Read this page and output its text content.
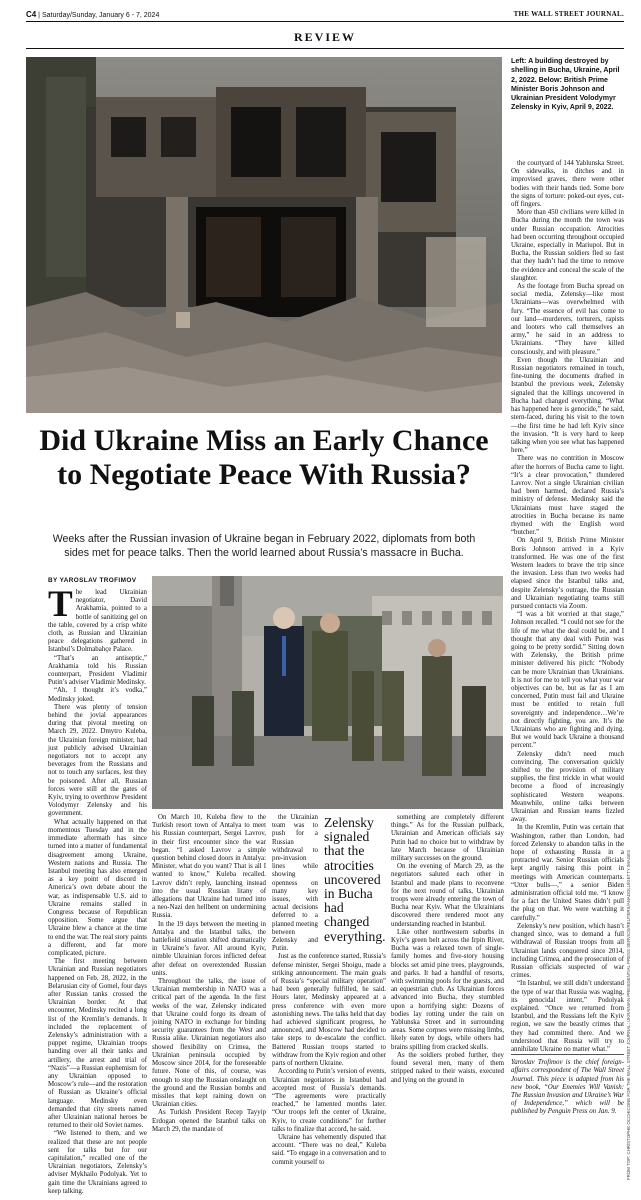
C4 | Saturday/Sunday, January 6 - 7, 2024	THE WALL STREET JOURNAL.
REVIEW
Left: A building destroyed by shelling in Bucha, Ukraine, April 2, 2022. Below: British Prime Minister Boris Johnson and Ukrainian President Volodymyr Zelensky in Kyiv, April 9, 2022.
Did Ukraine Miss an Early Chance to Negotiate Peace With Russia?
Weeks after the Russian invasion of Ukraine began in February 2022, diplomats from both sides met for peace talks. Then the world learned about Russia’s massacre in Bucha.
BY YAROSLAV TROFIMOV

The lead Ukrainian negotiator, David Arakhamia, pointed to a bottle of sanitizing gel on the table, covered by a crisp white cloth, as Russian and Ukrainian peace delegations gathered in Istanbul’s Dolmabahçe Palace.

“That’s an antiseptic,” Arakhamia told his Russian counterpart, President Vladimir Putin’s adviser Vladimir Medinsky.

“Ah, I thought it’s vodka,” Medinsky joked.

There was plenty of tension behind the jovial appearances during that pivotal meeting on March 29, 2022. Dmytro Kuleba, the Ukrainian foreign minister, had just publicly advised Ukrainian negotiators not to accept any beverages from the Russians and not to touch any surfaces, lest they be poisoned. After all, Russian forces were still at the gates of Kyiv, trying to overthrow President Volodymyr Zelensky and his government.

What actually happened on that momentous Tuesday and in the immediate aftermath has since turned into a matter of fundamental disagreement among Ukraine, Western nations and Russia. The Istanbul meeting has also emerged as a key point of discord in America’s own debate about the war, as indispensable U.S. aid to Ukraine remains stalled in Congress because of Republican opposition. Some argue that Ukraine blew a chance at the time to end the war. The real story paints a different, and far more complicated, picture.

The first meeting between Ukrainian and Russian negotiators happened on Feb. 28, 2022, in the Belarusian city of Gomel, four days after Russian tanks crossed the Ukrainian border. At that encounter, Medinsky recited a long list of the Kremlin’s demands. It included the replacement of Zelensky’s administration with a puppet regime, Ukrainian troops handing over all their tanks and artillery, the arrest and trial of “Nazis”—a Russian euphemism for any Ukrainian opposed to Moscow’s rule—and the restoration of Russian as Ukraine’s official language. Medinsky even demanded that city streets named after Ukrainian national heroes be returned to their old Soviet names.

“We listened to them, and we realized that these are not people sent for talks but for our capitulation,” recalled one of the Ukrainian negotiators, Zelensky’s adviser Mykhailo Podolyak. Yet to gain time the Ukrainians agreed to keep talking.

On March 10, Kuleba flew to the Turkish resort town of Antalya to meet his Russian counterpart, Sergei Lavrov, in their first encounter since the war began. “I asked Lavrov a simple question behind closed doors in Antalya: Minister, what do you want? That is all I wanted to know,” Kuleba recalled. Lavrov didn’t reply, launching instead into the usual Russian litany of allegations that Ukraine had turned into a neo-Nazi den hellbent on undermining Russia.

In the 19 days between the meeting in Antalya and the Istanbul talks, the battlefield situation shifted dramatically in Ukraine’s favor. All around Kyiv, nimble Ukrainian forces inflicted defeat after defeat on overextended Russian units.

Throughout the talks, the issue of Ukrainian membership in NATO was a critical part of the agenda. In the first weeks of the war, Zelensky indicated that Ukraine could forgo its dream of joining NATO in exchange for binding security guarantees from the West and Russia alike. Ukrainian negotiators also showed flexibility on Crimea, the Ukrainian peninsula occupied by Moscow since 2014, for the foreseeable future. None of this, of course, was enough to stop the Russian onslaught on the ground and the Russian bombs and missiles that kept raining down on Ukrainian cities.

As Turkish President Recep Tayyip Erdogan opened the Istanbul talks on March 29, the mandate of

Zelensky signaled that the atrocities uncovered in Bucha had changed everything.

the Ukrainian team was to push for a Russian withdrawal to pre-invasion lines while showing openness on many key issues, with actual decisions deferred to a planned meeting between Zelensky and Putin.

Just as the conference started, Russia’s defense minister, Sergei Shoigu, made a striking announcement. The main goals of Russia’s “special military operation” had been generally fulfilled, he said. Hours later, Medinsky appeared at a press conference with even more astonishing news. The talks held that day had achieved significant progress, he announced, and Moscow had decided to take steps to de-escalate the conflict. Battered Russian troops started to withdraw from the Kyiv region and other parts of northern Ukraine.

According to Putin’s version of events, Ukrainian negotiators in Istanbul had accepted most of Russia’s demands. “The agreements were practically reached,” he lamented months later. “Our troops left the center of Ukraine, Kyiv, to create conditions” for further talks to finalize that accord, he said.

Ukraine has vehemently disputed that account. “There was no deal,” Kuleba said. “To engage in a conversation and to commit yourself to

something are completely different things.” As for the Russian pullback, Ukrainian and American officials say Putin had no choice but to withdraw by late March because of Ukrainian military successes on the ground.

On the evening of March 29, as the negotiators saluted each other in Istanbul and made plans to reconvene for the next round of talks, Ukrainian troops were already entering the town of Bucha near Kyiv. What the Ukrainians discovered there rendered moot any understanding reached in Istanbul.

Like other northwestern suburbs in Kyiv’s green belt across the Irpin River, Bucha was a relaxed town of single-family homes and five-story housing blocks set amid pine trees, playgrounds, and parks. It had a handful of resorts, with swimming pools for the guests, and an equestrian club. As Ukrainian forces advanced into Bucha, they stumbled upon a horrifying sight: Dozens of bodies lay rotting under the rain on Yablunska Street and in surrounding areas. Some corpses were missing limbs, likely eaten by dogs, while others had brains spilling from cracked skulls.

As the soldiers probed further, they found several men, many of them stripped naked to their waists, executed and lying on the ground in

the courtyard of 144 Yablunska Street. On sidewalks, in ditches and in improvised graves, there were other bodies with their hands tied. Some bore the signs of torture: poked-out eyes, cut-off fingers.

More than 450 civilians were killed in Bucha during the month the town was under Russian occupation. Atrocities had been occurring throughout occupied Ukraine, especially in Mariupol. But in Bucha, the Russian soldiers fled so fast that they hadn’t had the time to remove the evidence and conceal the scale of the slaughter.

As the footage from Bucha spread on social media, Zelensky—like most Ukrainians—was overwhelmed with fury. “The essence of evil has come to our land—murderers, torturers, rapists and looters who call themselves an army,” he said in an address to Ukrainians. “They have killed consciously, and with pleasure.”

Even though the Ukrainian and Russian negotiators remained in touch, fine-tuning the documents drafted in Istanbul the previous week, Zelensky signaled that the killings uncovered in Bucha had changed everything. “What has happened here is genocide,” he said, stern-faced, during his visit to the town—the first time he had left Kyiv since the invasion. “It is very hard to keep talking when you see what has happened here.”

There was no contrition in Moscow after the horrors of Bucha came to light. “It’s a clear provocation,” thundered Lavrov. Not a single Ukrainian civilian had been harmed, declared Russia’s ministry of defense. Medinsky said the Ukrainians must have staged the atrocities in Bucha because its name rhymed with the English word “butcher.”

On April 9, British Prime Minister Boris Johnson arrived in a Kyiv transformed. He was one of the first Western leaders to brave the trip since the invasion. Less than two weeks had elapsed since the Istanbul talks and, despite Zelensky’s outrage, the Russian and Ukrainian negotiating teams still pursued contacts via Zoom.

“I was a bit worried at that stage,” Johnson recalled. “I could not see for the life of me what the deal could be, and I thought that any deal with Putin was going to be pretty sordid.” Sitting down with Zelensky, the British prime minister delivered his pitch: “Nobody can be more Ukrainian than Ukrainians. It is not for me to tell you what your war objectives can be, but as far as I am concerned, Putin must fail and Ukraine must be entitled to retain full sovereignty and independence…We’re not directly fighting, you are. It’s the Ukrainians who are fighting and dying. But we would back Ukraine a thousand percent.”

Zelensky didn’t need much convincing. The conversation quickly shifted to the provision of military supplies, the first trickle in what would become a flood of increasingly sophisticated Western weapons. Meanwhile, online talks between Ukrainian and Russian teams fizzled away.

In the Kremlin, Putin was certain that Washington, rather than London, had forced Zelensky to abandon talks in the hope of exhausting Russia in a protracted war. Senior Russian officials kept angrily raising this point in meetings with American counterparts. “Utter bulls—,” a senior Biden administration official told me. “I know for a fact the United States didn’t pull the plug on that. We were watching it carefully.”

Zelensky’s new position, which hasn’t changed since, was to demand a full withdrawal of Russian troops from all Ukrainian lands conquered since 2014, including Crimea, and the prosecution of Russian officials suspected of war crimes.

“In Istanbul, we still didn’t understand the type of war that Russia was waging, its genocidal intent,” Podolyak explained. “Once we returned from Istanbul, and the Russians left the Kyiv region, we saw the beastly crimes that they had committed there. And we understood that Russia will try to annihilate Ukraine no matter what.”

Yaroslav Trofimov is the chief foreign-affairs correspondent of The Wall Street Journal. This piece is adapted from his new book, “Our Enemies Will Vanish: The Russian Invasion and Ukraine’s War of Independence,” which will be published by Penguin Press on Jan. 9.	FROM TOP: CHRISTOPHE OCCHICONE FOR THE WALL STREET JOURNAL; UKRAINIAN PRESIDENTIAL PRESS SERVICE/REUTERS/ANADOLU/GETTY IMAGES
